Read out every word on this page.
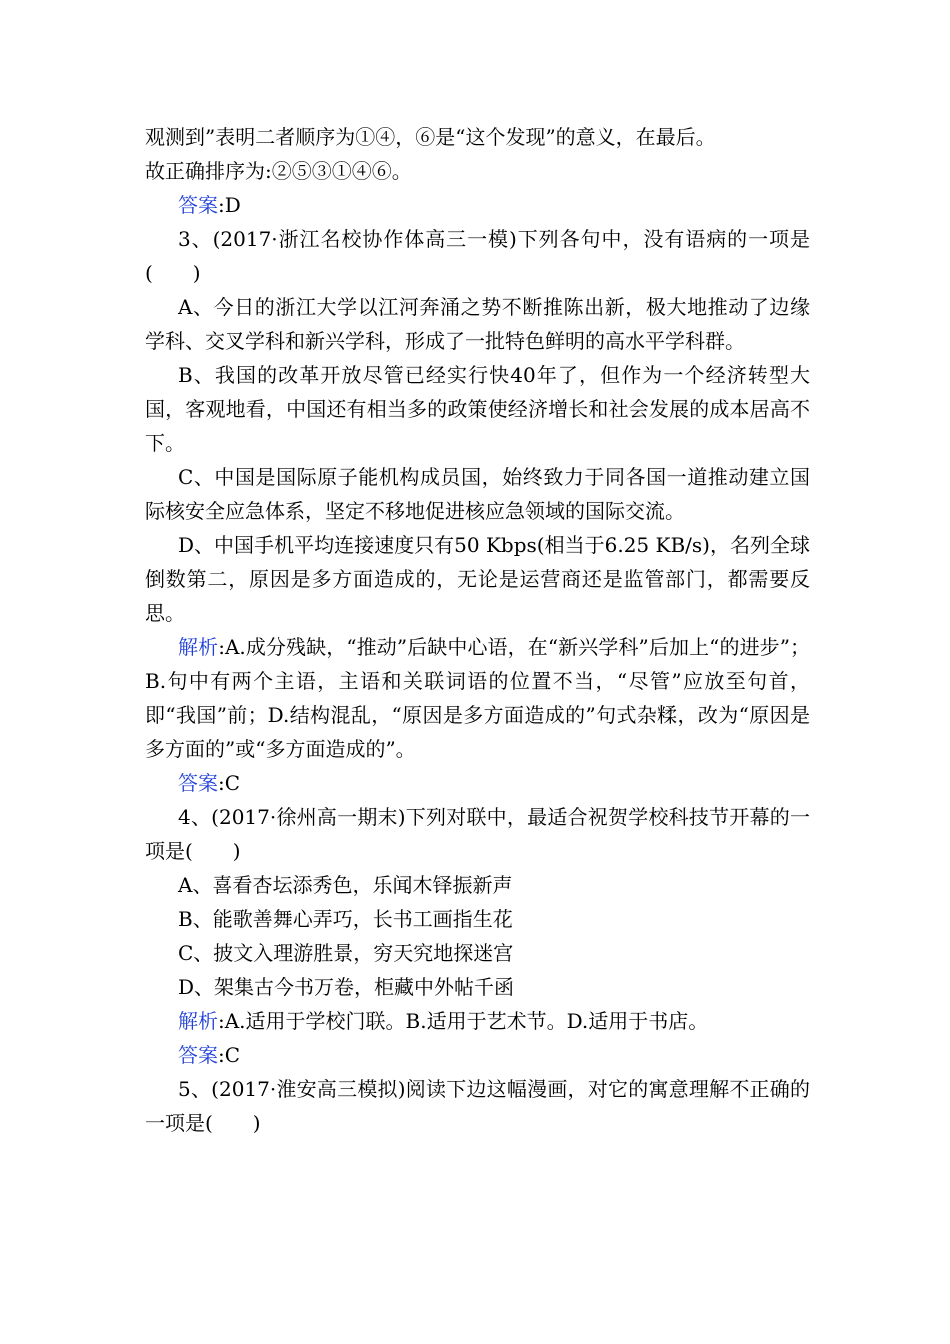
观测到”表明二者顺序为①④，⑥是“这个发现”的意义，在最后。

故正确排序为:②⑤③①④⑥。

答案:D

3、(2017·浙江名校协作体高三一模)下列各句中，没有语病的一项是(　　)

A、今日的浙江大学以江河奔涌之势不断推陈出新，极大地推动了边缘学科、交叉学科和新兴学科，形成了一批特色鲜明的高水平学科群。

B、我国的改革开放尽管已经实行快40年了，但作为一个经济转型大国，客观地看，中国还有相当多的政策使经济增长和社会发展的成本居高不下。

C、中国是国际原子能机构成员国，始终致力于同各国一道推动建立国际核安全应急体系，坚定不移地促进核应急领域的国际交流。

D、中国手机平均连接速度只有50 Kbps(相当于6.25 KB/s)，名列全球倒数第二，原因是多方面造成的，无论是运营商还是监管部门，都需要反思。

解析:A.成分残缺，“推动”后缺中心语，在“新兴学科”后加上“的进步”；B.句中有两个主语，主语和关联词语的位置不当，“尽管”应放至句首，即“我国”前；D.结构混乱，“原因是多方面造成的”句式杂糅，改为“原因是多方面的”或“多方面造成的”。

答案:C

4、(2017·徐州高一期末)下列对联中，最适合祝贺学校科技节开幕的一项是(　　)

A、喜看杏坛添秀色，乐闻木铎振新声

B、能歌善舞心弄巧，长书工画指生花

C、披文入理游胜景，穷天究地探迷宫

D、架集古今书万卷，柜藏中外帖千函

解析:A.适用于学校门联。B.适用于艺术节。D.适用于书店。

答案:C

5、(2017·淮安高三模拟)阅读下边这幅漫画，对它的寓意理解不正确的一项是(　　)
